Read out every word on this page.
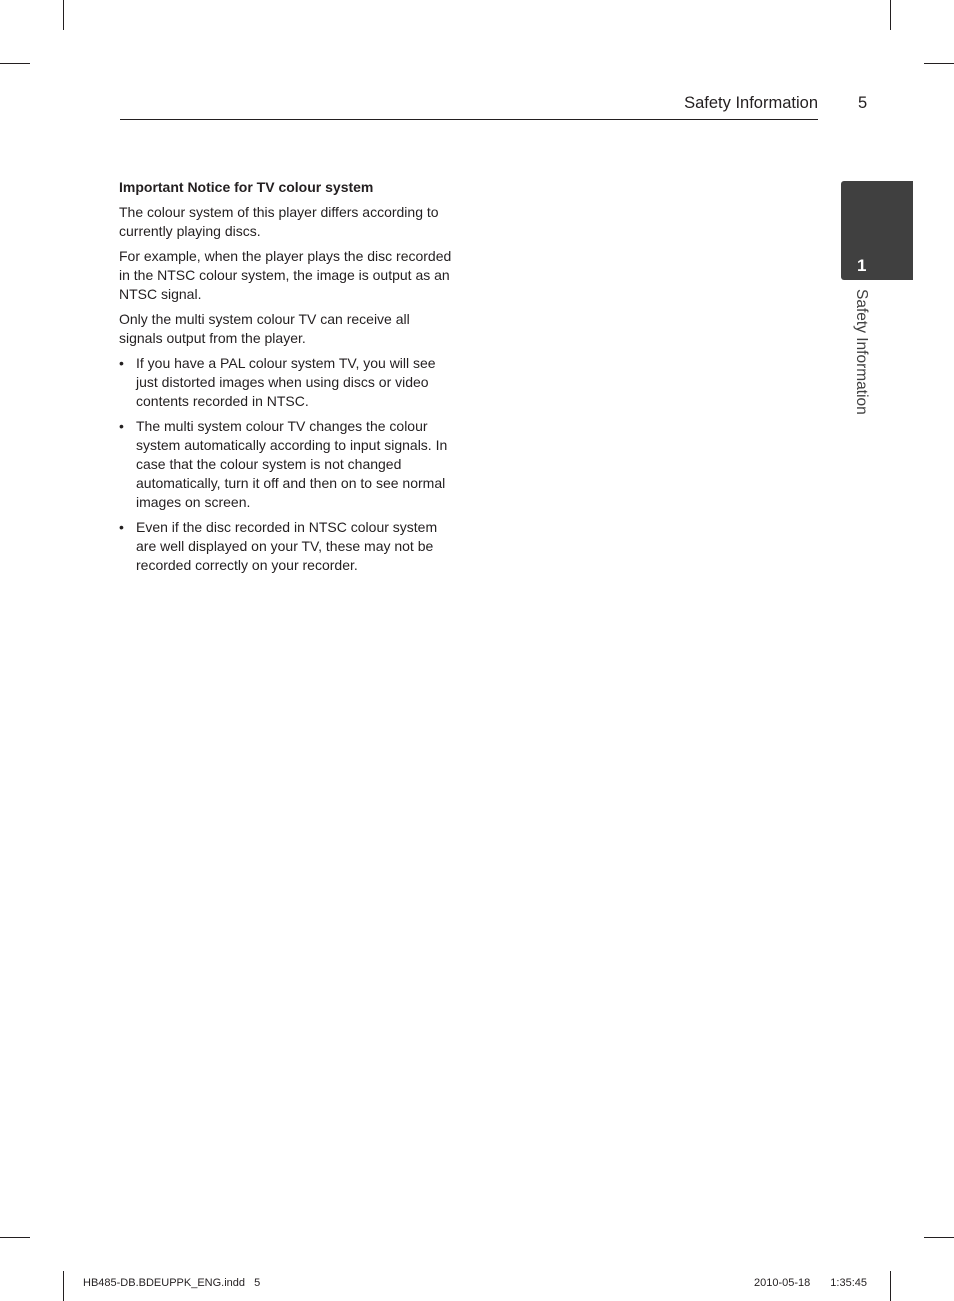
Safety Information 5
1
Safety Information
Important Notice for TV colour system

The colour system of this player differs according to currently playing discs.

For example, when the player plays the disc recorded in the NTSC colour system, the image is output as an NTSC signal.

Only the multi system colour TV can receive all signals output from the player.

• If you have a PAL colour system TV, you will see just distorted images when using discs or video contents recorded in NTSC.
• The multi system colour TV changes the colour system automatically according to input signals. In case that the colour system is not changed automatically, turn it off and then on to see normal images on screen.
• Even if the disc recorded in NTSC colour system are well displayed on your TV, these may not be recorded correctly on your recorder.
HB485-DB.BDEUPPK_ENG.indd   5	2010-05-18 1:35:45
